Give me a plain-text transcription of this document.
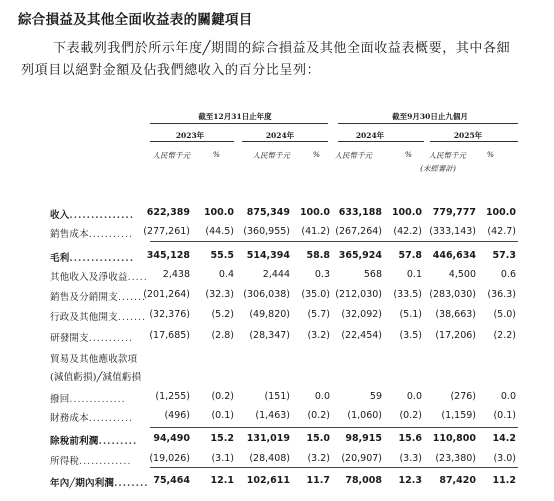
綜合損益及其他全面收益表的關鍵項目
下表載列我們於所示年度╱期間的綜合損益及其他全面收益表概要，其中各細
列項目以絕對金額及佔我們總收入的百分比呈列：
截至12月31日止年度	截至9月30日止九個月
2023年	2024年	2024年	2025年
人民幣千元	%	人民幣千元	%	人民幣千元	%	人民幣千元	%
(未經審計)
收入...............	622,389	100.0	875,349	100.0 633,188	100.0	779,777	100.0
銷售成本...........	(277,261)	(44.5) (360,955)	(41.2) (267,264)	(42.2) (333,143)	(42.7)
毛利...............	345,128	55.5	514,394	58.8 365,924	57.8	446,634	57.3
其他收入及淨收益.....	2,438	0.4	2,444	0.3	568	0.1	4,500	0.6
銷售及分銷開支.......
(201,264)	(32.3) (306,038)	(35.0) (212,030)	(33.5) (283,030)	(36.3)
行政及其他開支....... (32,376)	(5.2)	(49,820)	(5.7)	(32,092)	(5.1)	(38,663)	(5.0)
研發開支...........	(17,685)	(2.8)	(28,347)	(3.2)	(22,454)	(3.5)	(17,206)	(2.2)
貿易及其他應收款項
(減值虧損)╱減值虧損
撥回..............	(1,255)	(0.2)	(151)	0.0	59	0.0	(276)	0.0
財務成本...........	(496)	(0.1)	(1,463)	(0.2)	(1,060)	(0.2)	(1,159)	(0.1)
除稅前利潤.........	94,490	15.2	131,019	15.0	98,915	15.6	110,800	14.2
所得稅.............	(19,026)	(3.1)	(28,408)	(3.2)	(20,907)	(3.3)	(23,380)	(3.0)
年內╱期內利潤........ 75,464	12.1	102,611	11.7	78,008	12.3	87,420	11.2
